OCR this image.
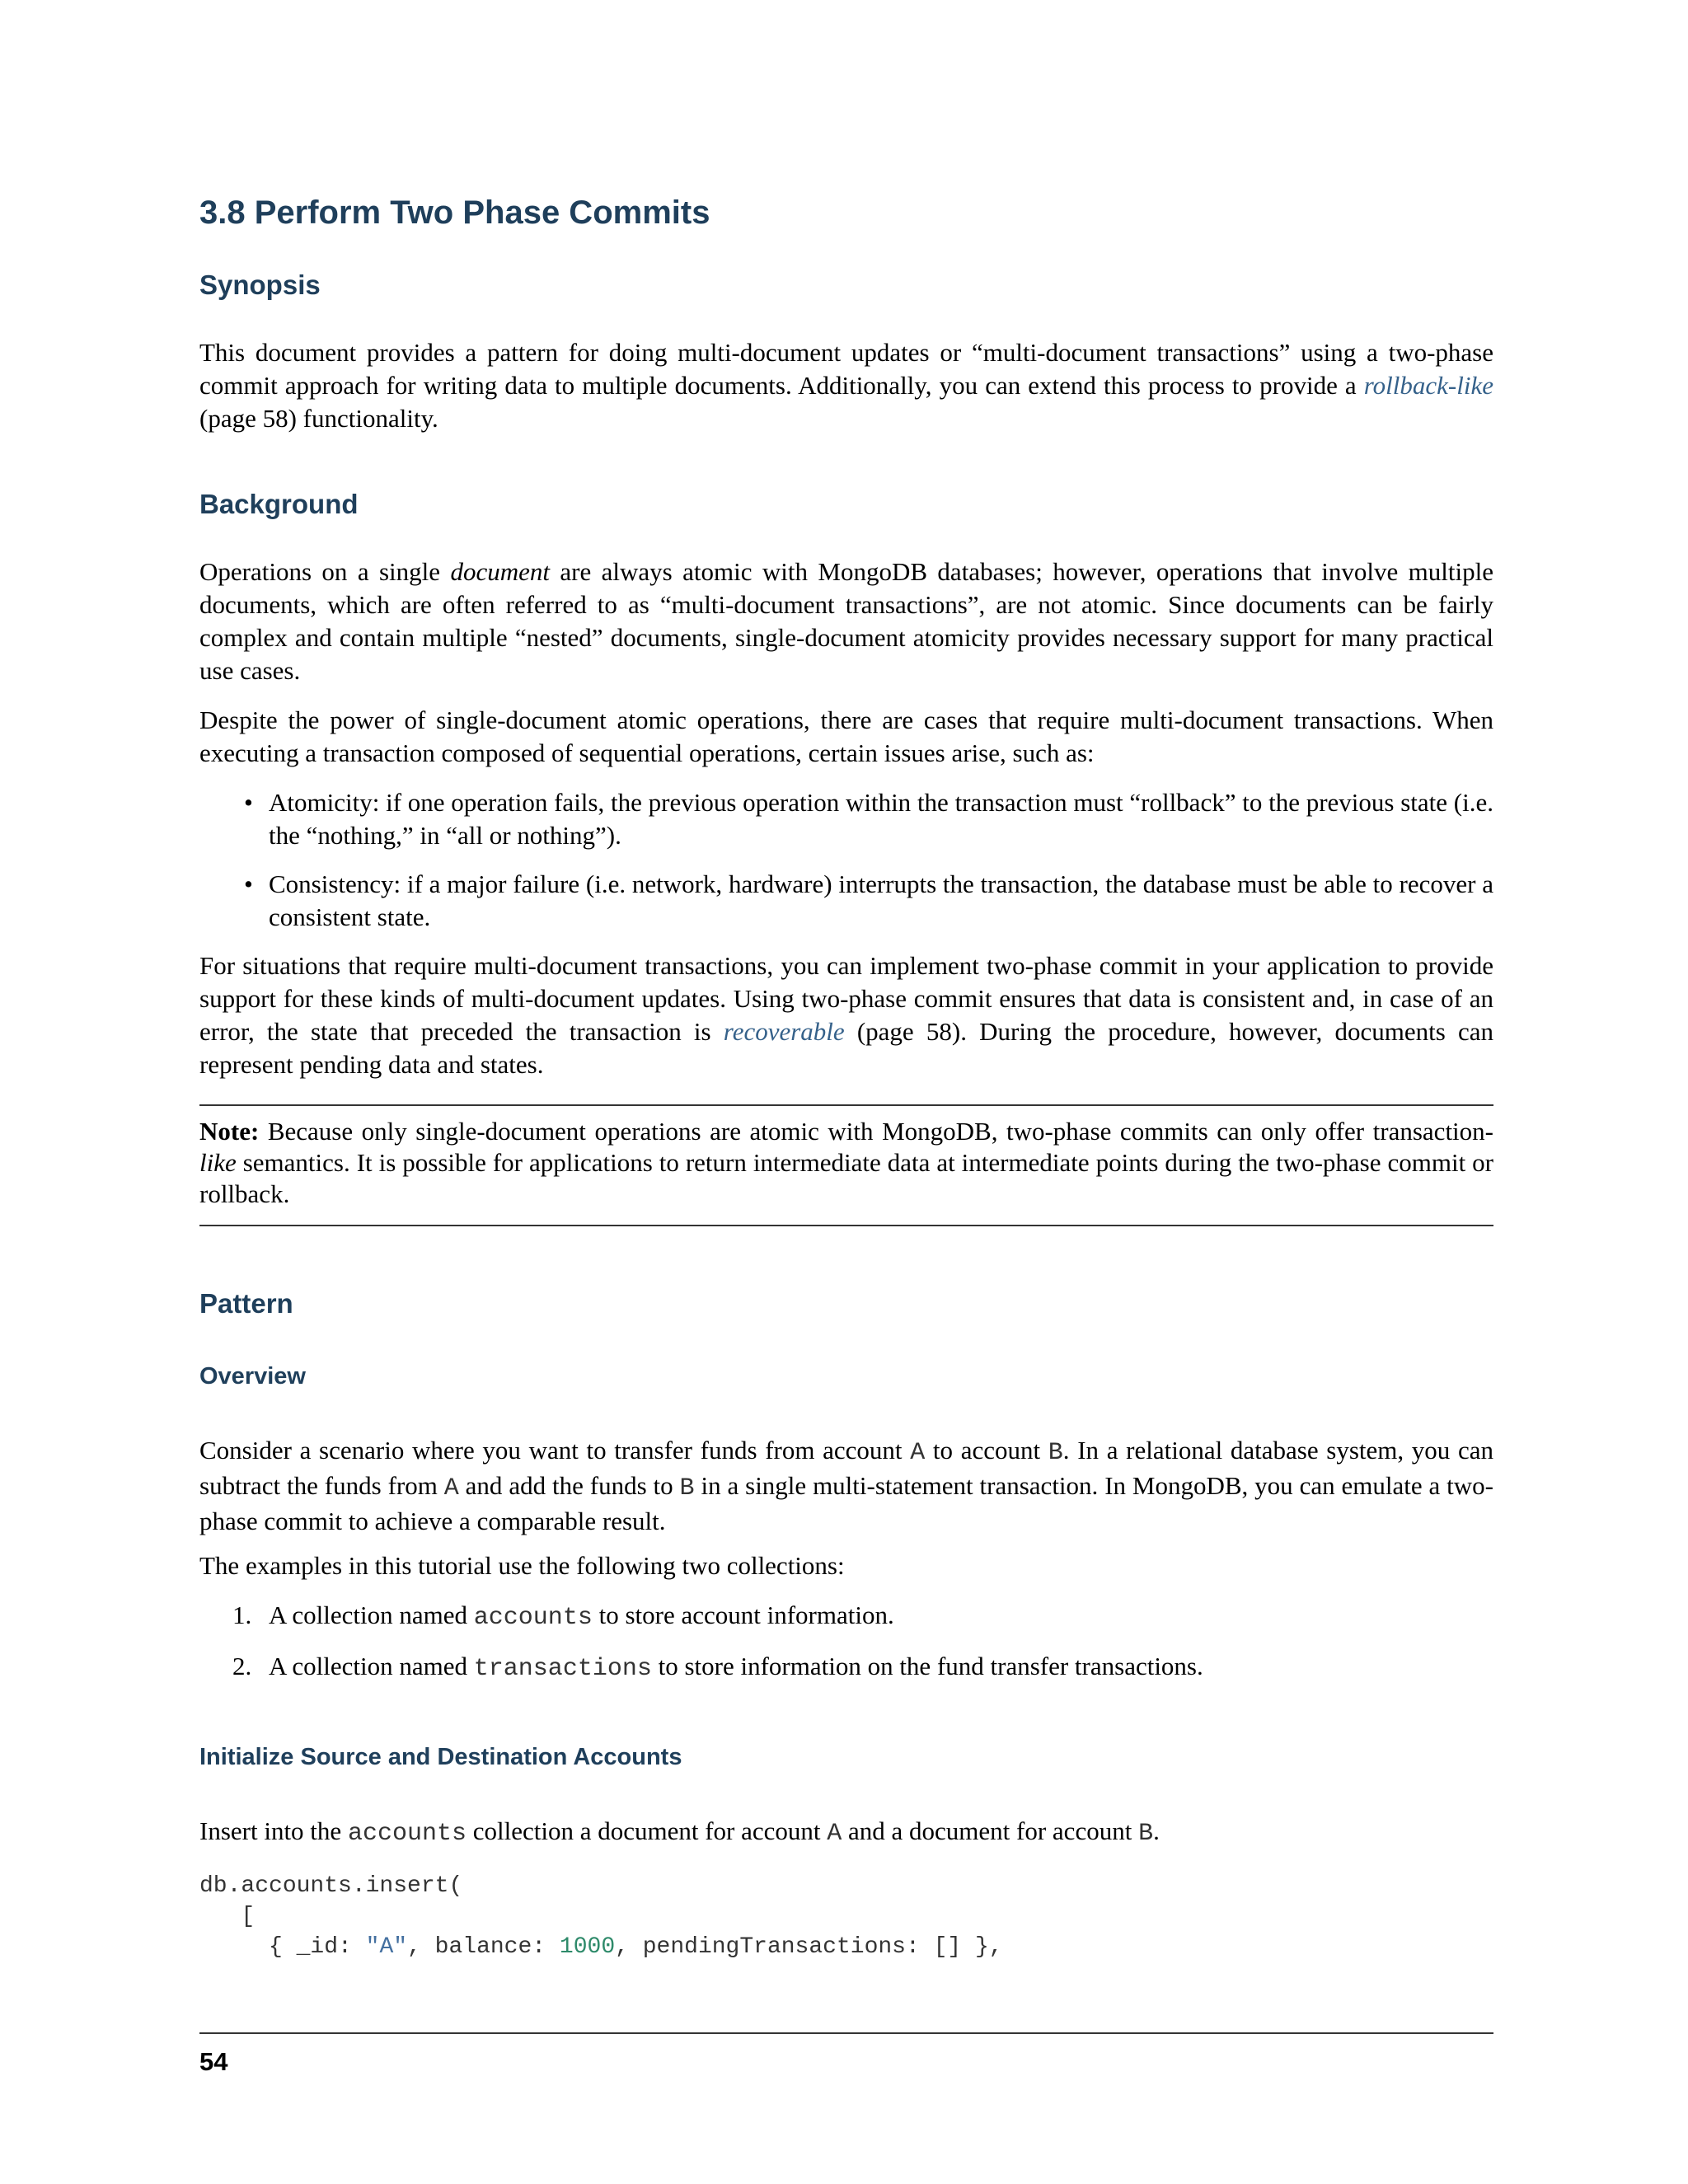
3.8 Perform Two Phase Commits
Synopsis

This document provides a pattern for doing multi-document updates or “multi-document transactions” using a two-phase commit approach for writing data to multiple documents. Additionally, you can extend this process to provide a rollback-like (page 58) functionality.

Background

Operations on a single document are always atomic with MongoDB databases; however, operations that involve multiple documents, which are often referred to as “multi-document transactions”, are not atomic. Since documents can be fairly complex and contain multiple “nested” documents, single-document atomicity provides necessary support for many practical use cases.

Despite the power of single-document atomic operations, there are cases that require multi-document transactions. When executing a transaction composed of sequential operations, certain issues arise, such as:

• Atomicity: if one operation fails, the previous operation within the transaction must “rollback” to the previous state (i.e. the “nothing,” in “all or nothing”).
• Consistency: if a major failure (i.e. network, hardware) interrupts the transaction, the database must be able to recover a consistent state.

For situations that require multi-document transactions, you can implement two-phase commit in your application to provide support for these kinds of multi-document updates. Using two-phase commit ensures that data is consistent and, in case of an error, the state that preceded the transaction is recoverable (page 58). During the procedure, however, documents can represent pending data and states.

Note: Because only single-document operations are atomic with MongoDB, two-phase commits can only offer transaction-like semantics. It is possible for applications to return intermediate data at intermediate points during the two-phase commit or rollback.

Pattern
Overview

Consider a scenario where you want to transfer funds from account A to account B. In a relational database system, you can subtract the funds from A and add the funds to B in a single multi-statement transaction. In MongoDB, you can emulate a two-phase commit to achieve a comparable result.

The examples in this tutorial use the following two collections:

1. A collection named accounts to store account information.
2. A collection named transactions to store information on the fund transfer transactions.
Initialize Source and Destination Accounts

Insert into the accounts collection a document for account A and a document for account B.

db.accounts.insert(
[
{ _id: "A", balance: 1000, pendingTransactions: [] },
54
